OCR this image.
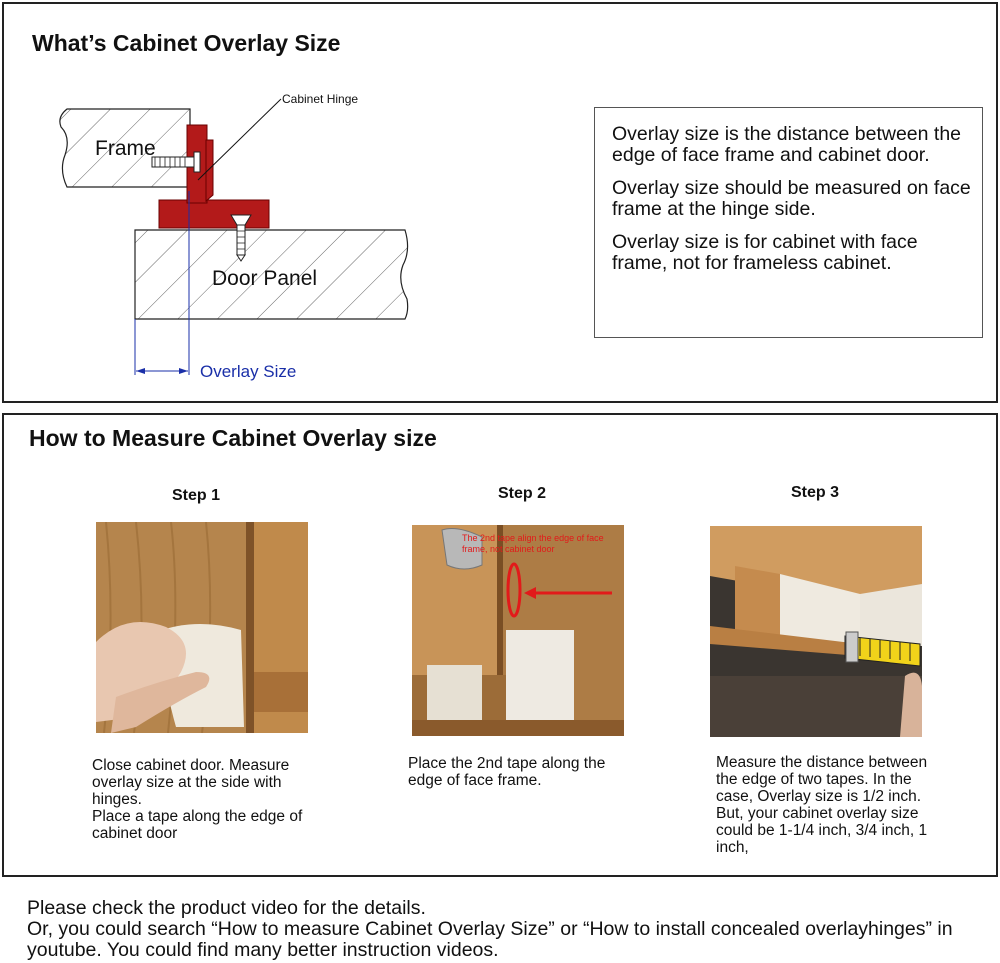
What’s Cabinet Overlay Size
Frame
Door Panel
Cabinet Hinge
Overlay Size

Overlay size is the distance between the edge of face frame and cabinet door.

Overlay size should be measured on face frame at the hinge side.

Overlay size is for cabinet with face frame, not for frameless cabinet.

How to Measure Cabinet Overlay size
Step 1

Close cabinet door. Measure overlay size at the side with hinges.
Place a tape along the edge of cabinet door

Step 2

The 2nd tape align the edge of face frame, not cabinet door

Place the 2nd tape along the edge of face frame.

Step 3

Measure the distance between the edge of two tapes. In the case, Overlay size is 1/2 inch. But, your cabinet overlay size could be 1-1/4 inch, 3/4 inch, 1 inch,

Please check the product video for the details.
Or, you could search “How to measure Cabinet Overlay Size” or “How to install concealed overlayhinges” in youtube. You could find many better instruction videos.
